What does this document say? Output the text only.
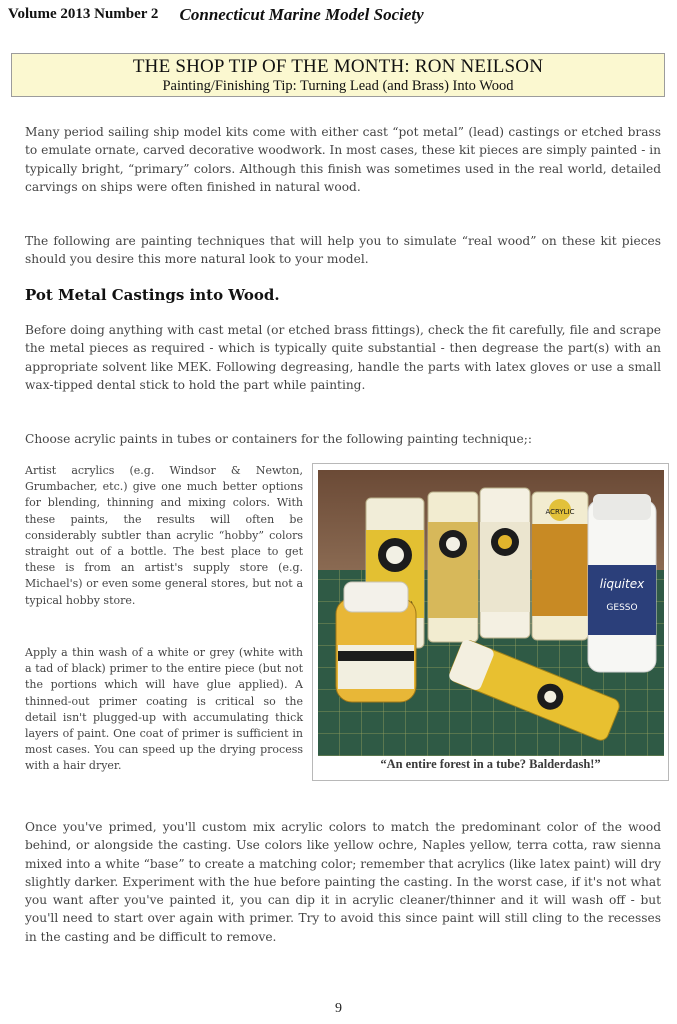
Volume 2013 Number 2 Connecticut Marine Model Society
THE SHOP TIP OF THE MONTH: RON NEILSON
Painting/Finishing Tip: Turning Lead (and Brass) Into Wood

Many period sailing ship model kits come with either cast “pot metal” (lead) castings or etched brass to emulate ornate, carved decorative woodwork. In most cases, these kit pieces are simply painted - in typically bright, “primary” colors. Although this finish was sometimes used in the real world, detailed carvings on ships were often finished in natural wood.

The following are painting techniques that will help you to simulate “real wood” on these kit pieces should you desire this more natural look to your model.

Pot Metal Castings into Wood.

Before doing anything with cast metal (or etched brass fittings), check the fit carefully, file and scrape the metal pieces as required - which is typically quite substantial - then degrease the part(s) with an appropriate solvent like MEK. Following degreasing, handle the parts with latex gloves or use a small wax-tipped dental stick to hold the part while painting.

Choose acrylic paints in tubes or containers for the following painting technique;:

Artist acrylics (e.g. Windsor & Newton, Grumbacher, etc.) give one much better options for blending, thinning and mixing colors. With these paints, the results will often be considerably subtler than acrylic “hobby” colors straight out of a bottle. The best place to get these is from an artist's supply store (e.g. Michael's) or even some general stores, but not a typical hobby store.

Apply a thin wash of a white or grey (white with a tad of black) primer to the entire piece (but not the portions which will have glue applied). A thinned-out primer coating is critical so the detail isn't plugged-up with accumulating thick layers of paint. One coat of primer is sufficient in most cases. You can speed up the drying process with a hair dryer.

ACRYLIC
liquitex
GESSO
“An entire forest in a tube? Balderdash!”

Once you've primed, you'll custom mix acrylic colors to match the predominant color of the wood behind, or alongside the casting. Use colors like yellow ochre, Naples yellow, terra cotta, raw sienna mixed into a white “base” to create a matching color; remember that acrylics (like latex paint) will dry slightly darker. Experiment with the hue before painting the casting. In the worst case, if it's not what you want after you've painted it, you can dip it in acrylic cleaner/thinner and it will wash off - but you'll need to start over again with primer. Try to avoid this since paint will still cling to the recesses in the casting and be difficult to remove.

9
